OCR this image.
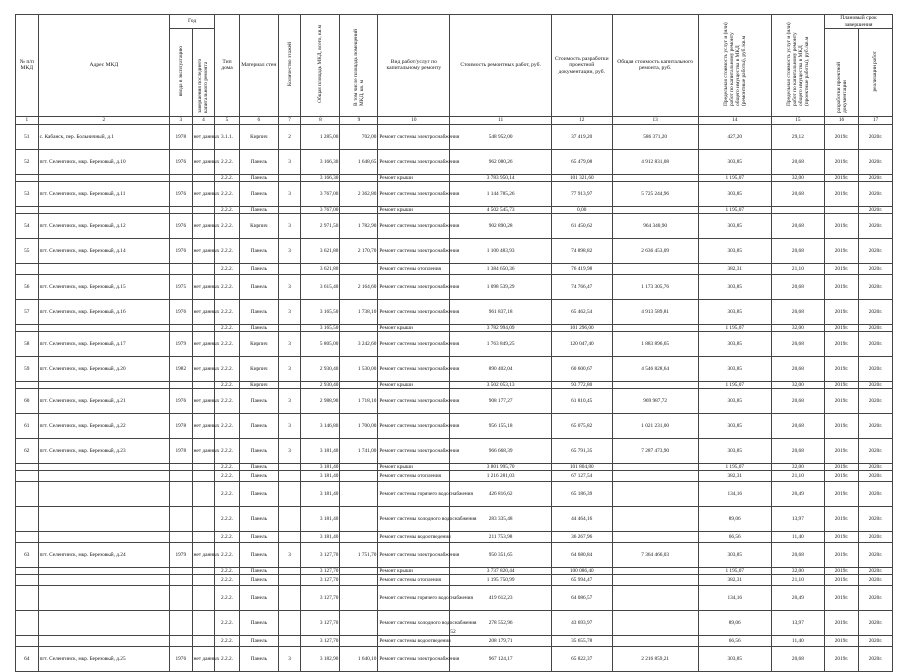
№ п/п МКД	Адрес МКД	Год		Тип дома	Материал стен	Количество этажей	Общая площадь МКД, всего, кв.м	В том числе площадь помещений МКД, кв. м	Вид работ/услуг по капитальному ремонту	Стоимость ремонтных работ, руб.	Стоимость разработки проектной документации, руб.	Общая стоимость капитального ремонта, руб.	Предельная стоимость услуг и (или) работ по капитальному ремонту общего имущества в МКД (ремонтные работы), руб./кв.м	Предельная стоимость услуг и (или) работ по капитальному ремонту общего имущества в МКД (проектные работы), руб./кв.м	Плановый срок завершения	
		ввода в эксплуатацию	завершения последнего капитального ремонта												разработки проектной документации	реализации работ

1	2	3	4	5	6	7	8	9	10	11	12	13	14	15	16	17
51	с. Кабанск, пер. Больничный, д.1	1978	нет данных	3.1.1.	Кирпич	2	1 285,00	702,00	Ремонт системы электроснабжения	548 952,00	37 419,20	586 371,20	427,20	29,12	2019г.	2020г.
52	пгт. Селенгинск, мкр. Березовый, д.10	1976	нет данных	2.2.2.	Панель	3	3 166,30	1 648,65	Ремонт системы электроснабжения	962 080,26	65 479,08	4 912 831,08	303,85	20,68	2019г.	2020г.
				2.2.2.	Панель		3 166,30		Ремонт крыши	3 783 950,14	101 321,60		1 195,07	32,00	2019г.	2020г.
53	пгт. Селенгинск, мкр. Березовый, д.11	1976	нет данных	2.2.2.	Панель	3	3 767,00	2 362,80	Ремонт системы электроснабжения	1 144 785,26	77 913,97	5 725 244,96	303,85	20,68	2019г.	2020г.
				2.2.2.	Панель		3 767,00		Ремонт крыши	4 502 545,73	0,00		1 195,07			2020г.
54	пгт. Селенгинск, мкр. Березовый, д.12	1976	нет данных	2.2.2.	Кирпич	3	2 971,50	1 782,90	Ремонт системы электроснабжения	902 890,28	61 450,62	964 340,90	303,85	20,68	2019г.	2020г.
55	пгт. Селенгинск, мкр. Березовый, д.14	1976	нет данных	2.2.2.	Панель	3	3 621,80	2 170,70	Ремонт системы электроснабжения	1 100 483,93	74 898,82	2 636 453,09	303,85	20,68	2019г.	2020г.
				2.2.2.	Панель		3 621,80		Ремонт системы отопления	1 384 650,36	76 419,98		382,31	21,10	2019г.	2020г.
56	пгт. Селенгинск, мкр. Березовый, д.15	1975	нет данных	2.2.2.	Панель	3	3 615,40	2 164,60	Ремонт системы электроснабжения	1 098 539,29	74 766,47	1 173 305,76	303,85	20,68	2019г.	2020г.
57	пгт. Селенгинск, мкр. Березовый, д.16	1976	нет данных	2.2.2.	Панель	3	3 165,50	1 738,10	Ремонт системы электроснабжения	961 837,18	65 462,54	4 913 589,81	303,85	20,68	2019г.	2020г.
				2.2.2.	Панель		3 165,50		Ремонт крыши	3 782 994,09	101 296,00		1 195,07	32,00	2019г.	2020г.
58	пгт. Селенгинск, мкр. Березовый, д.17	1979	нет данных	2.2.2.	Кирпич	3	5 805,00	3 242,60	Ремонт системы электроснабжения	1 763 849,25	120 047,40	1 883 896,65	303,85	20,68	2019г.	2020г.
59	пгт. Селенгинск, мкр. Березовый, д.20	1982	нет данных	2.2.2.	Кирпич	3	2 930,40	1 530,00	Ремонт системы электроснабжения	890 402,04	60 600,67	4 546 828,64	303,85	20,68	2019г.	2020г.
				2.2.2.	Кирпич		2 930,40		Ремонт крыши	3 502 053,13	93 772,80		1 195,07	32,00	2019г.	2020г.
60	пгт. Селенгинск, мкр. Березовый, д.21	1976	нет данных	2.2.2.	Панель	3	2 988,90	1 718,10	Ремонт системы электроснабжения	908 177,27	61 810,45	969 987,72	303,85	20,68	2019г.	2020г.
61	пгт. Селенгинск, мкр. Березовый, д.22	1978	нет данных	2.2.2.	Панель	3	3 146,80	1 700,00	Ремонт системы электроснабжения	956 155,18	65 075,82	1 021 231,00	303,85	20,68	2019г.	2020г.
62	пгт. Селенгинск, мкр. Березовый, д.23	1978	нет данных	2.2.2.	Панель	3	3 181,40	1 741,00	Ремонт системы электроснабжения	966 668,39	65 791,35	7 287 473,90	303,85	20,68	2019г.	2020г.
				2.2.2.	Панель		3 181,40		Ремонт крыши	3 801 995,70	101 804,80		1 195,07	32,00	2019г.	2020г.
				2.2.2.	Панель		3 181,40		Ремонт системы отопления	1 216 281,03	67 127,54		382,31	21,10	2019г.	2020г.
				2.2.2.	Панель		3 181,40		Ремонт системы горячего водоснабжения	426 816,62	65 186,39		134,16	20,49	2019г.	2020г.
				2.2.2.	Панель		3 181,40		Ремонт системы холодного водоснабжения	283 335,48	44 464,16		89,06	13,97	2019г.	2020г.
				2.2.2.	Панель		3 181,40		Ремонт системы водоотведения	211 753,98	36 267,96		66,56	11,40	2019г.	2020г.
63	пгт. Селенгинск, мкр. Березовый, д.24	1979	нет данных	2.2.2.	Панель	3	3 127,70	1 751,70	Ремонт системы электроснабжения	950 351,65	64 680,84	7 364 466,03	303,85	20,68	2019г.	2020г.
				2.2.2.	Панель		3 127,70		Ремонт крыши	3 737 820,44	100 086,40		1 195,07	32,00	2019г.	2020г.
				2.2.2.	Панель		3 127,70		Ремонт системы отопления	1 195 750,99	65 994,47		382,31	21,10	2019г.	2020г.
				2.2.2.	Панель		3 127,70		Ремонт системы горячего водоснабжения	419 612,23	64 086,57		134,16	20,49	2019г.	2020г.
				2.2.2.	Панель		3 127,70		Ремонт системы холодного водоснабжения	278 552,96	43 693,97		89,06	13,97	2019г.	2020г.
				2.2.2.	Панель		3 127,70		Ремонт системы водоотведения	208 179,71	35 655,78		66,56	11,40	2019г.	2020г.
64	пгт. Селенгинск, мкр. Березовый, д.25	1976	нет данных	2.2.2.	Панель	3	3 182,90	1 640,10	Ремонт системы электроснабжения	967 124,17	65 822,37	2 216 859,21	303,85	20,68	2019г.	2020г.
52
